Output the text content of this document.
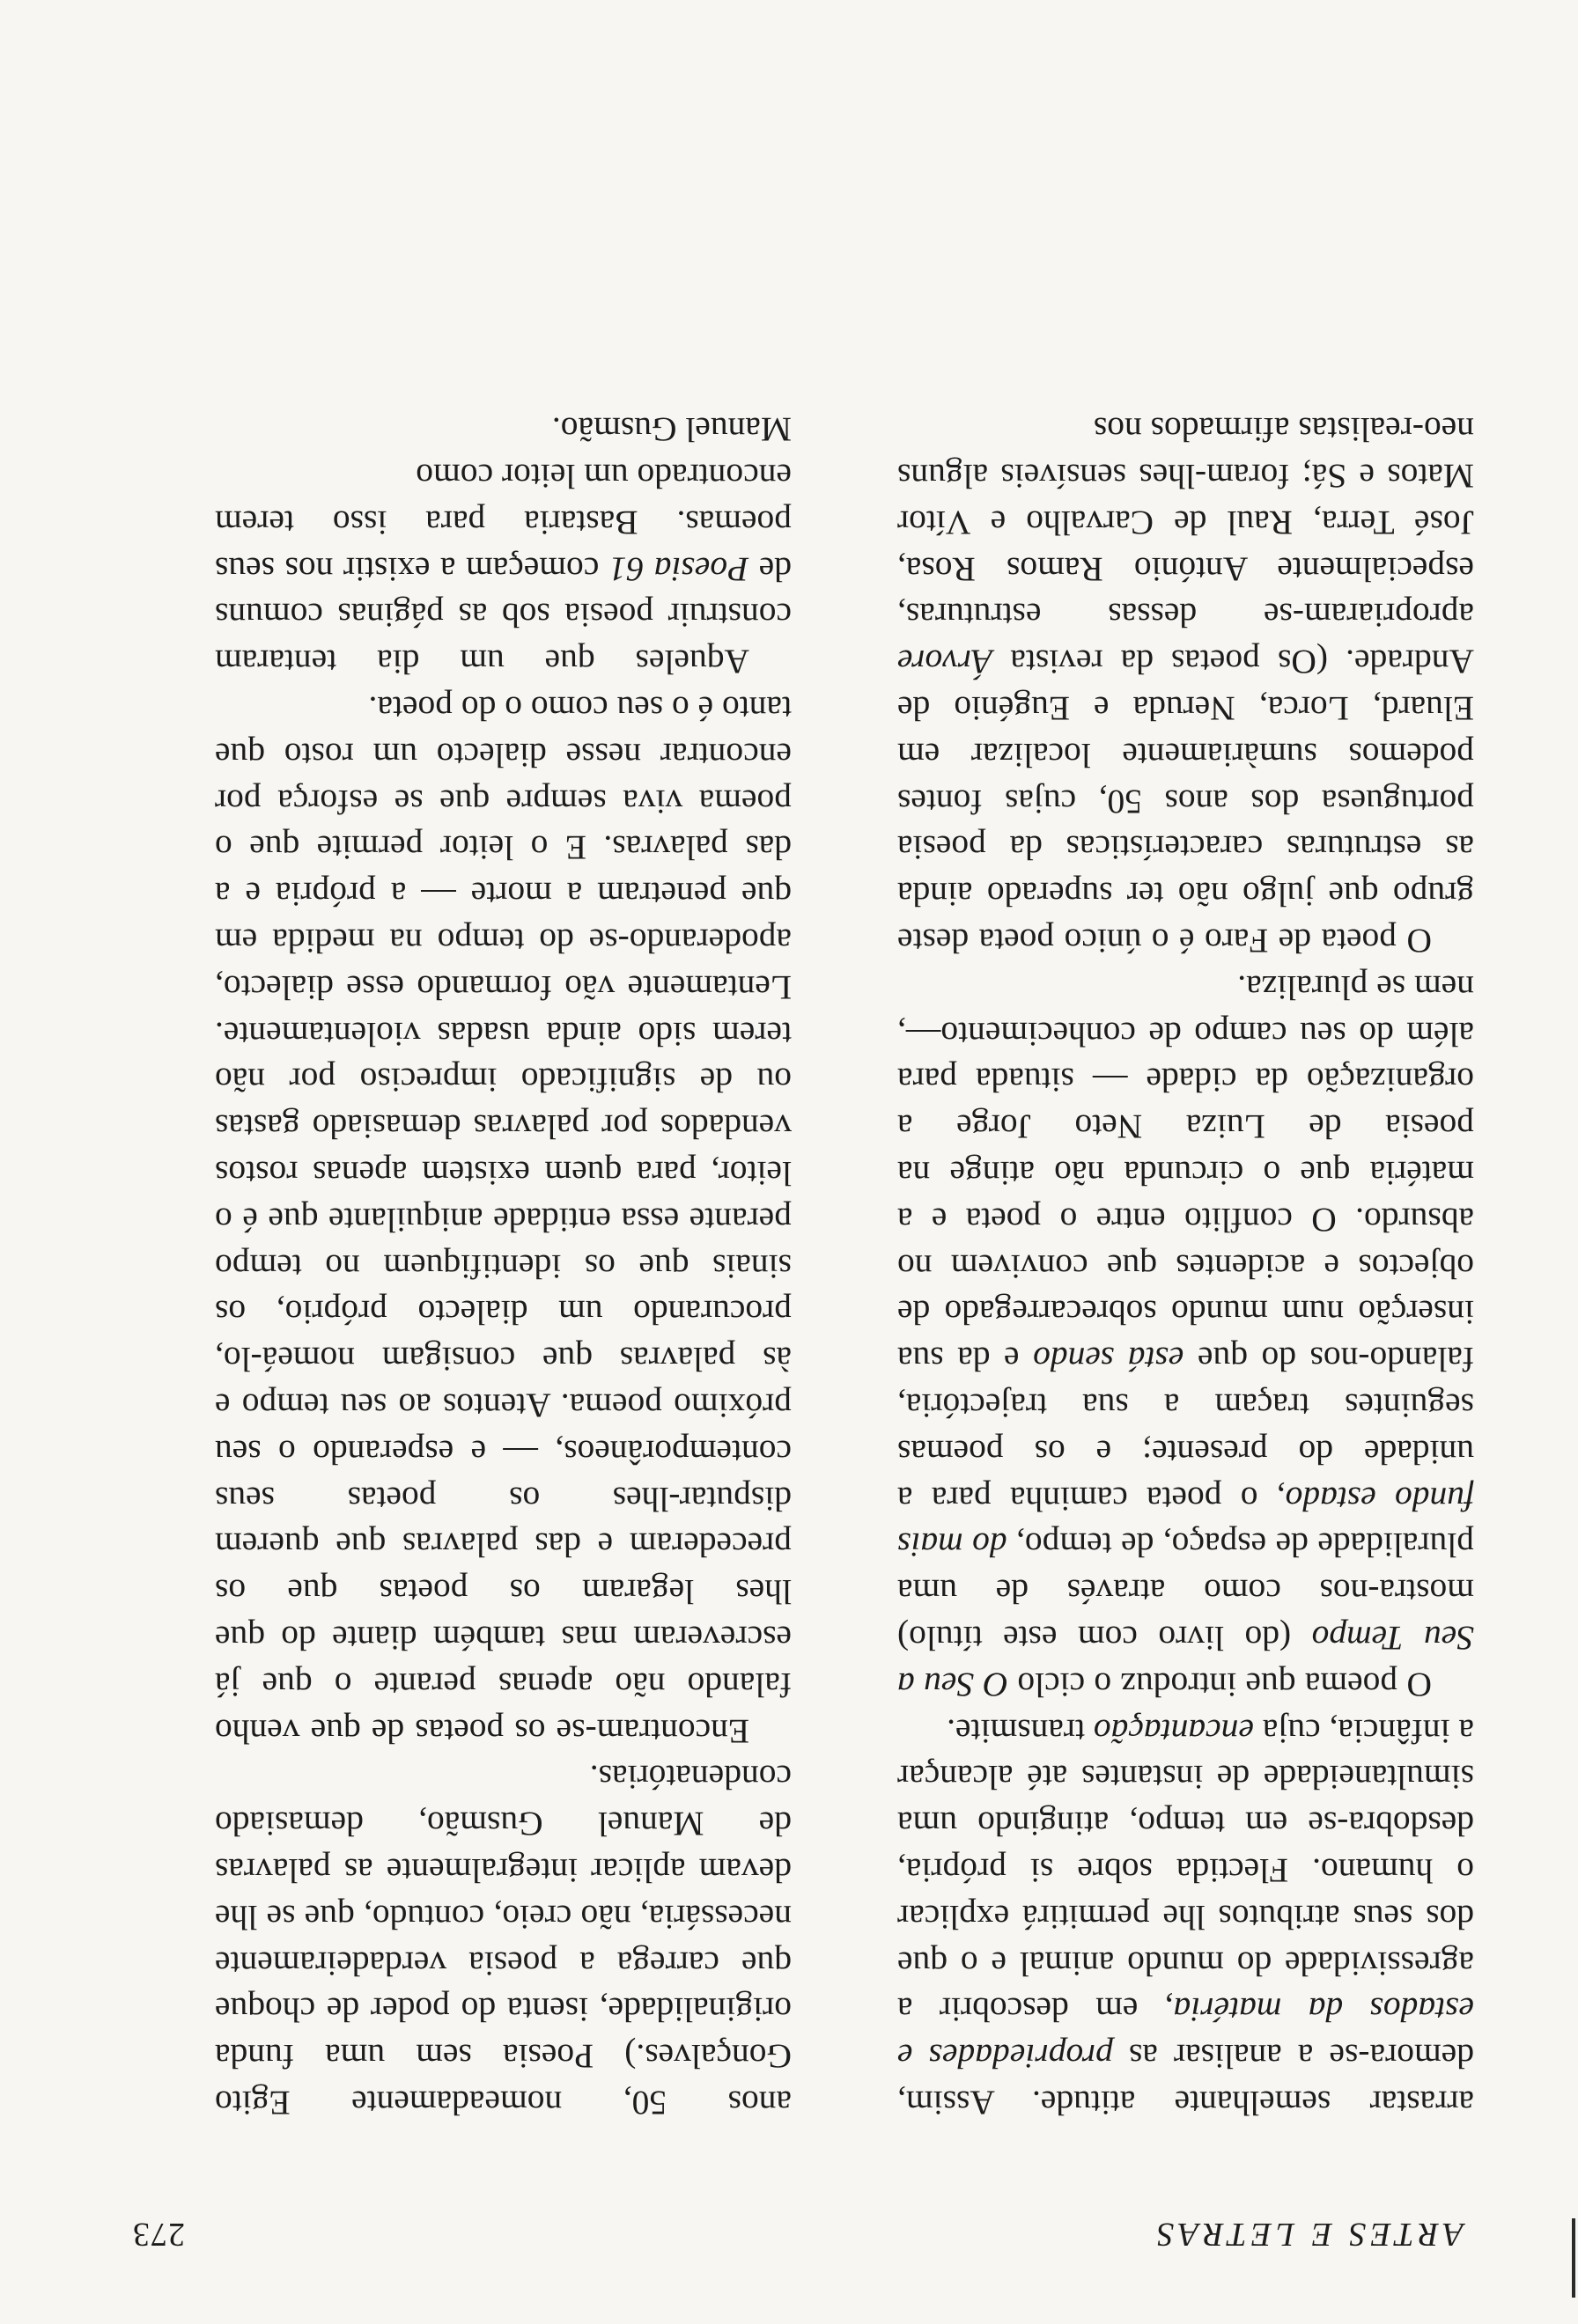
ARTES E LETRAS
273

arrastar semelhante atitude. Assim, demora-se a analisar as propriedades e estados da matéria, em descobrir a agressividade do mundo animal e o que dos seus atributos lhe permitirá explicar o humano. Flectida sobre si própria, desdobra-se em tempo, atingindo uma simultaneidade de instantes até alcançar a infância, cuja encantação transmite.

O poema que introduz o ciclo O Seu a Seu Tempo (do livro com este título) mostra-nos como através de uma pluralidade de espaço, de tempo, do mais fundo estado, o poeta caminha para a unidade do presente; e os poemas seguintes traçam a sua trajectória, falando-nos do que está sendo e da sua inserção num mundo sobrecarregado de objectos e acidentes que convivem no absurdo. O conflito entre o poeta e a matéria que o circunda não atinge na poesia de Luiza Neto Jorge a organização da cidade — situada para além do seu campo de conhecimento—, nem se pluraliza.

O poeta de Faro é o único poeta deste grupo que julgo não ter superado ainda as estruturas características da poesia portuguesa dos anos 50, cujas fontes podemos sumàriamente localizar em Eluard, Lorca, Neruda e Eugénio de Andrade. (Os poetas da revista Árvore apropriaram-se dessas estruturas, especialmente António Ramos Rosa, José Terra, Raul de Carvalho e Vítor Matos e Sá; foram-lhes sensíveis alguns neo-realistas afirmados nos

anos 50, nomeadamente Egito Gonçalves.) Poesia sem uma funda originalidade, isenta do poder de choque que carrega a poesia verdadeiramente necessária, não creio, contudo, que se lhe devam aplicar integralmente as palavras de Manuel Gusmão, demasiado condenatórias.

Encontram-se os poetas de que venho falando não apenas perante o que já escreveram mas também diante do que lhes legaram os poetas que os precederam e das palavras que querem disputar-lhes os poetas seus contemporâneos, — e esperando o seu próximo poema. Atentos ao seu tempo e às palavras que consigam nomeá-lo, procurando um dialecto próprio, os sinais que os identifiquem no tempo perante essa entidade aniquilante que é o leitor, para quem existem apenas rostos vendados por palavras demasiado gastas ou de significado impreciso por não terem sido ainda usadas violentamente. Lentamente vão formando esse dialecto, apoderando-se do tempo na medida em que penetram a morte — a própria e a das palavras. E o leitor permite que o poema viva sempre que se esforça por encontrar nesse dialecto um rosto que tanto é o seu como o do poeta.

Aqueles que um dia tentaram construir poesia sob as páginas comuns de Poesia 61 começam a existir nos seus poemas. Bastaria para isso terem encontrado um leitor como

Manuel Gusmão.
